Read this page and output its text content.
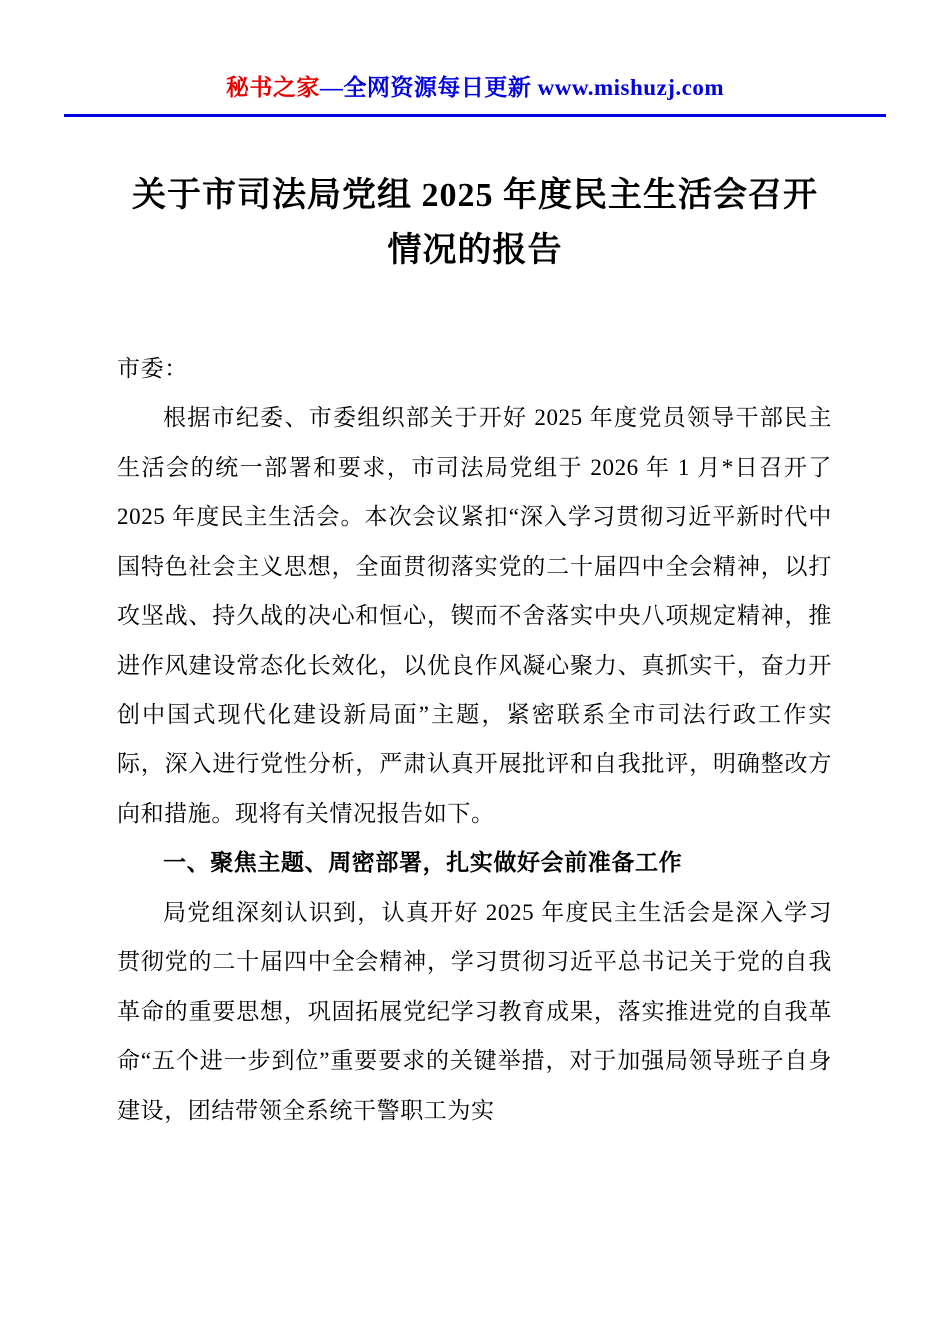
秘书之家—全网资源每日更新 www.mishuzj.com
关于市司法局党组 2025 年度民主生活会召开
情况的报告

市委：

根据市纪委、市委组织部关于开好 2025 年度党员领导干部民主生活会的统一部署和要求，市司法局党组于 2026 年 1 月*日召开了 2025 年度民主生活会。本次会议紧扣“深入学习贯彻习近平新时代中国特色社会主义思想，全面贯彻落实党的二十届四中全会精神，以打攻坚战、持久战的决心和恒心，锲而不舍落实中央八项规定精神，推进作风建设常态化长效化，以优良作风凝心聚力、真抓实干，奋力开创中国式现代化建设新局面”主题，紧密联系全市司法行政工作实际，深入进行党性分析，严肃认真开展批评和自我批评，明确整改方向和措施。现将有关情况报告如下。

一、聚焦主题、周密部署，扎实做好会前准备工作

局党组深刻认识到，认真开好 2025 年度民主生活会是深入学习贯彻党的二十届四中全会精神，学习贯彻习近平总书记关于党的自我革命的重要思想，巩固拓展党纪学习教育成果，落实推进党的自我革命“五个进一步到位”重要要求的关键举措，对于加强局领导班子自身建设，团结带领全系统干警职工为实
